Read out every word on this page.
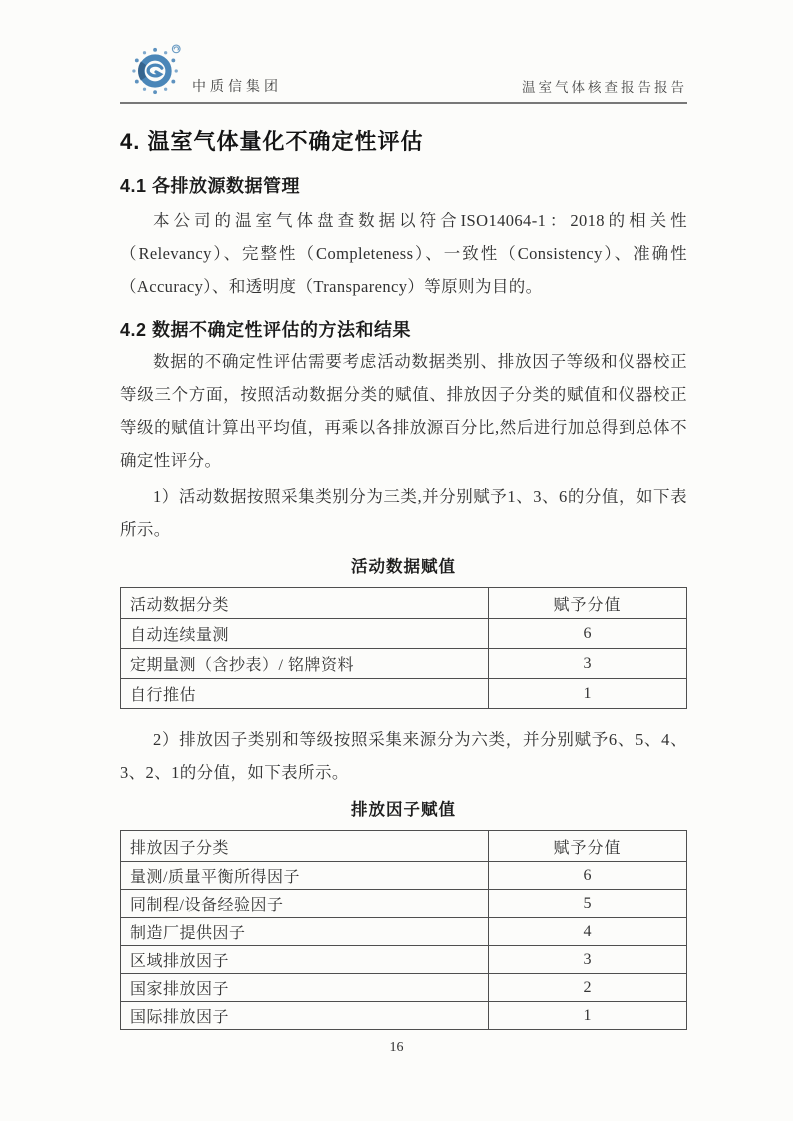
中质信集团	温室气体核查报告报告
4. 温室气体量化不确定性评估
4.1 各排放源数据管理

本公司的温室气体盘查数据以符合ISO14064-1：2018的相关性（Relevancy）、完整性（Completeness）、一致性（Consistency）、准确性（Accuracy）、和透明度（Transparency）等原则为目的。

4.2 数据不确定性评估的方法和结果

数据的不确定性评估需要考虑活动数据类别、排放因子等级和仪器校正等级三个方面，按照活动数据分类的赋值、排放因子分类的赋值和仪器校正等级的赋值计算出平均值，再乘以各排放源百分比,然后进行加总得到总体不确定性评分。

1）活动数据按照采集类别分为三类,并分别赋予1、3、6的分值，如下表所示。

活动数据赋值
活动数据分类	赋予分值
自动连续量测	6
定期量测（含抄表）/ 铭牌资料	3
自行推估	1

2）排放因子类别和等级按照采集来源分为六类，并分别赋予6、5、4、3、2、1的分值，如下表所示。

排放因子赋值
排放因子分类	赋予分值
量测/质量平衡所得因子	6
同制程/设备经验因子	5
制造厂提供因子	4
区域排放因子	3
国家排放因子	2
国际排放因子	1
16
